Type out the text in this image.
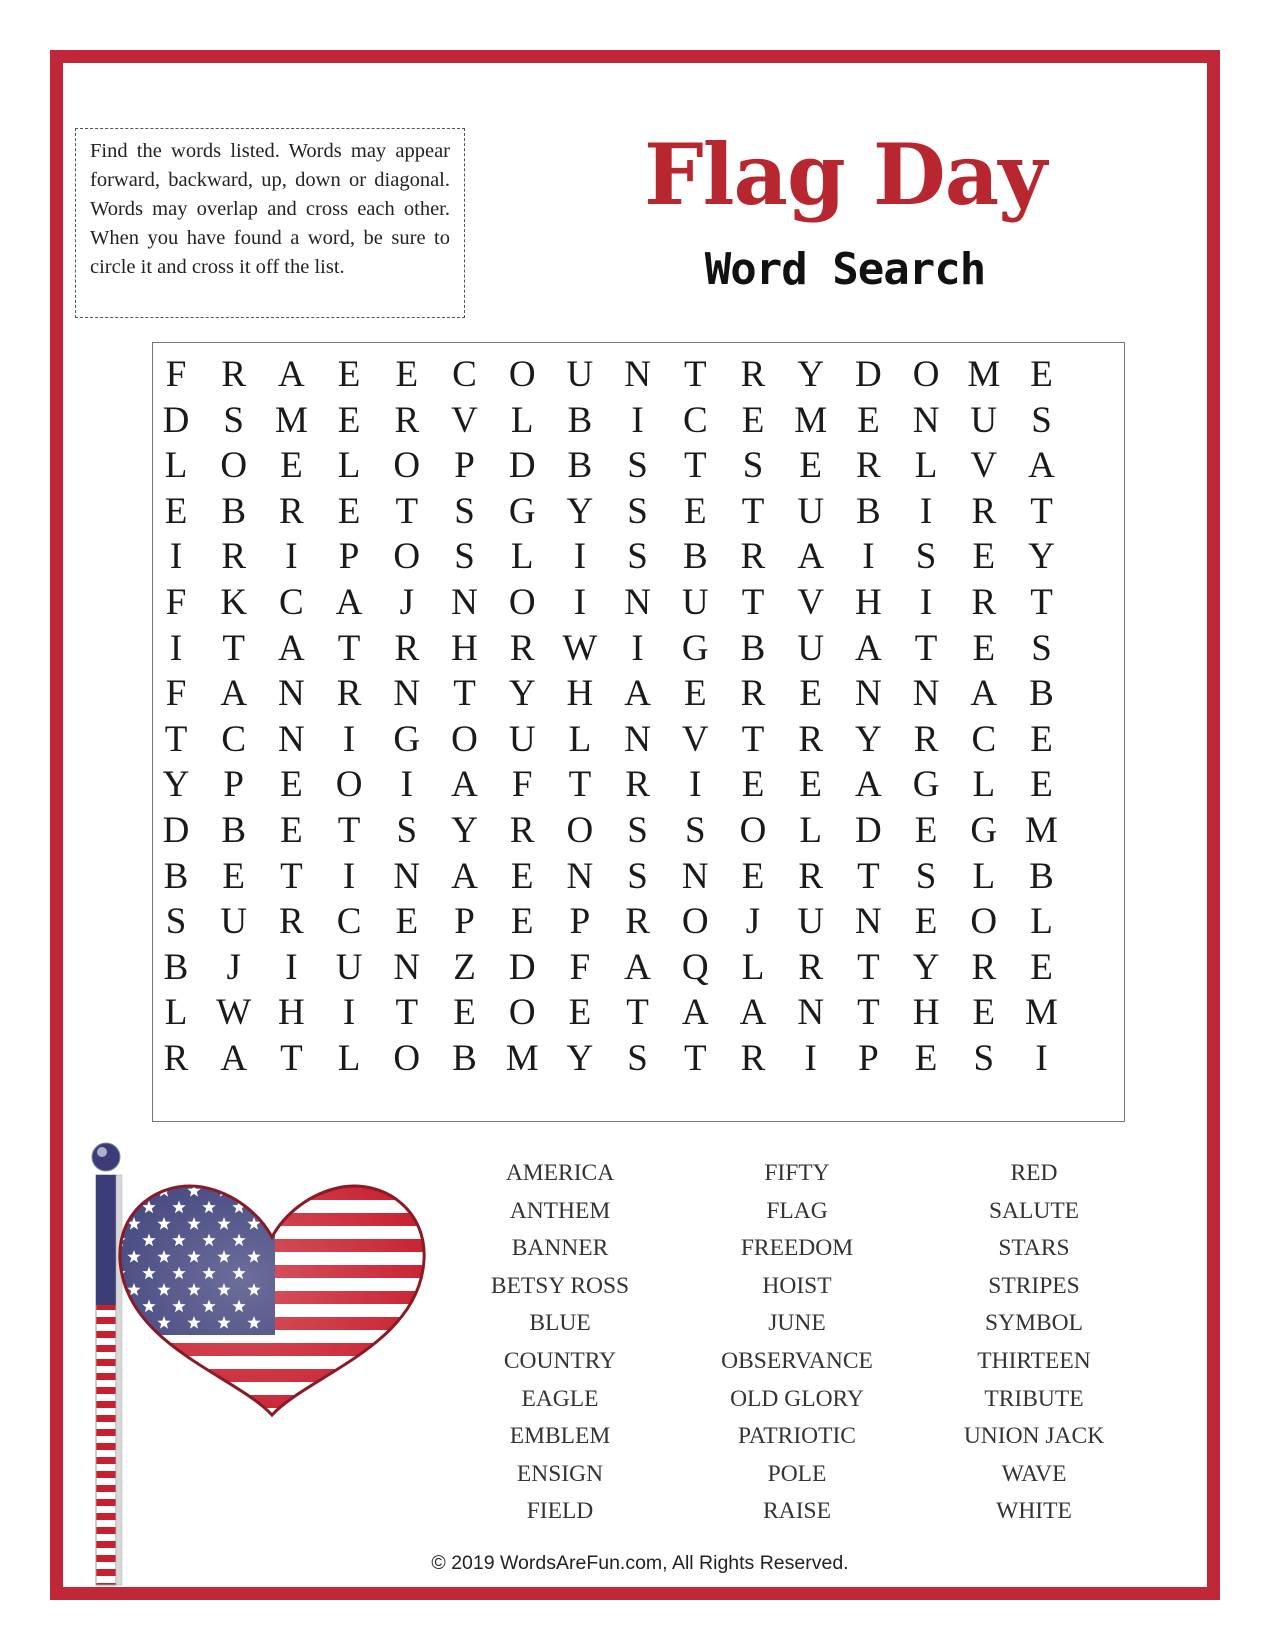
Find the words listed. Words may appear forward, backward, up, down or diagonal. Words may overlap and cross each other. When you have found a word, be sure to circle it and cross it off the list.
Flag Day
Word Search
F R A E E C O U N T R Y D O M E
D S M E R V L B	I	C E M E N U S
L O E L O P D B S T S E R L V A
E B R E T S G Y S E T U B	I	R T
I	R	I	P O S L	I	S B R A	I	S E Y
F K C A	J	N O	I	N U T V H	I	R T
I	T A T R H R W I	G B U A T E S
F A N R N T Y H A E R E N N A B
T C N	I	G O U L N V T R Y R C E
Y P E O	I	A F T R	I	E E A G L E
D B E T S Y R O S	S O L D E G M
B E T	I	N A E N S N E R T S L B
S U R C E P E P R O	J	U N E O L
B	J	I	U N Z D F A Q L R T Y R E
L W H	I	T E O E T A A N T H E M
R A T L O B M Y S T R	I	P E S	I
AMERICA
ANTHEM
BANNER
BETSY ROSS
BLUE
COUNTRY
EAGLE
EMBLEM
ENSIGN
FIELD
FIFTY
FLAG
FREEDOM
HOIST
JUNE
OBSERVANCE
OLD GLORY
PATRIOTIC
POLE
RAISE
RED
SALUTE
STARS
STRIPES
SYMBOL
THIRTEEN
TRIBUTE
UNION JACK
WAVE
WHITE
© 2019 WordsAreFun.com, All Rights Reserved.
